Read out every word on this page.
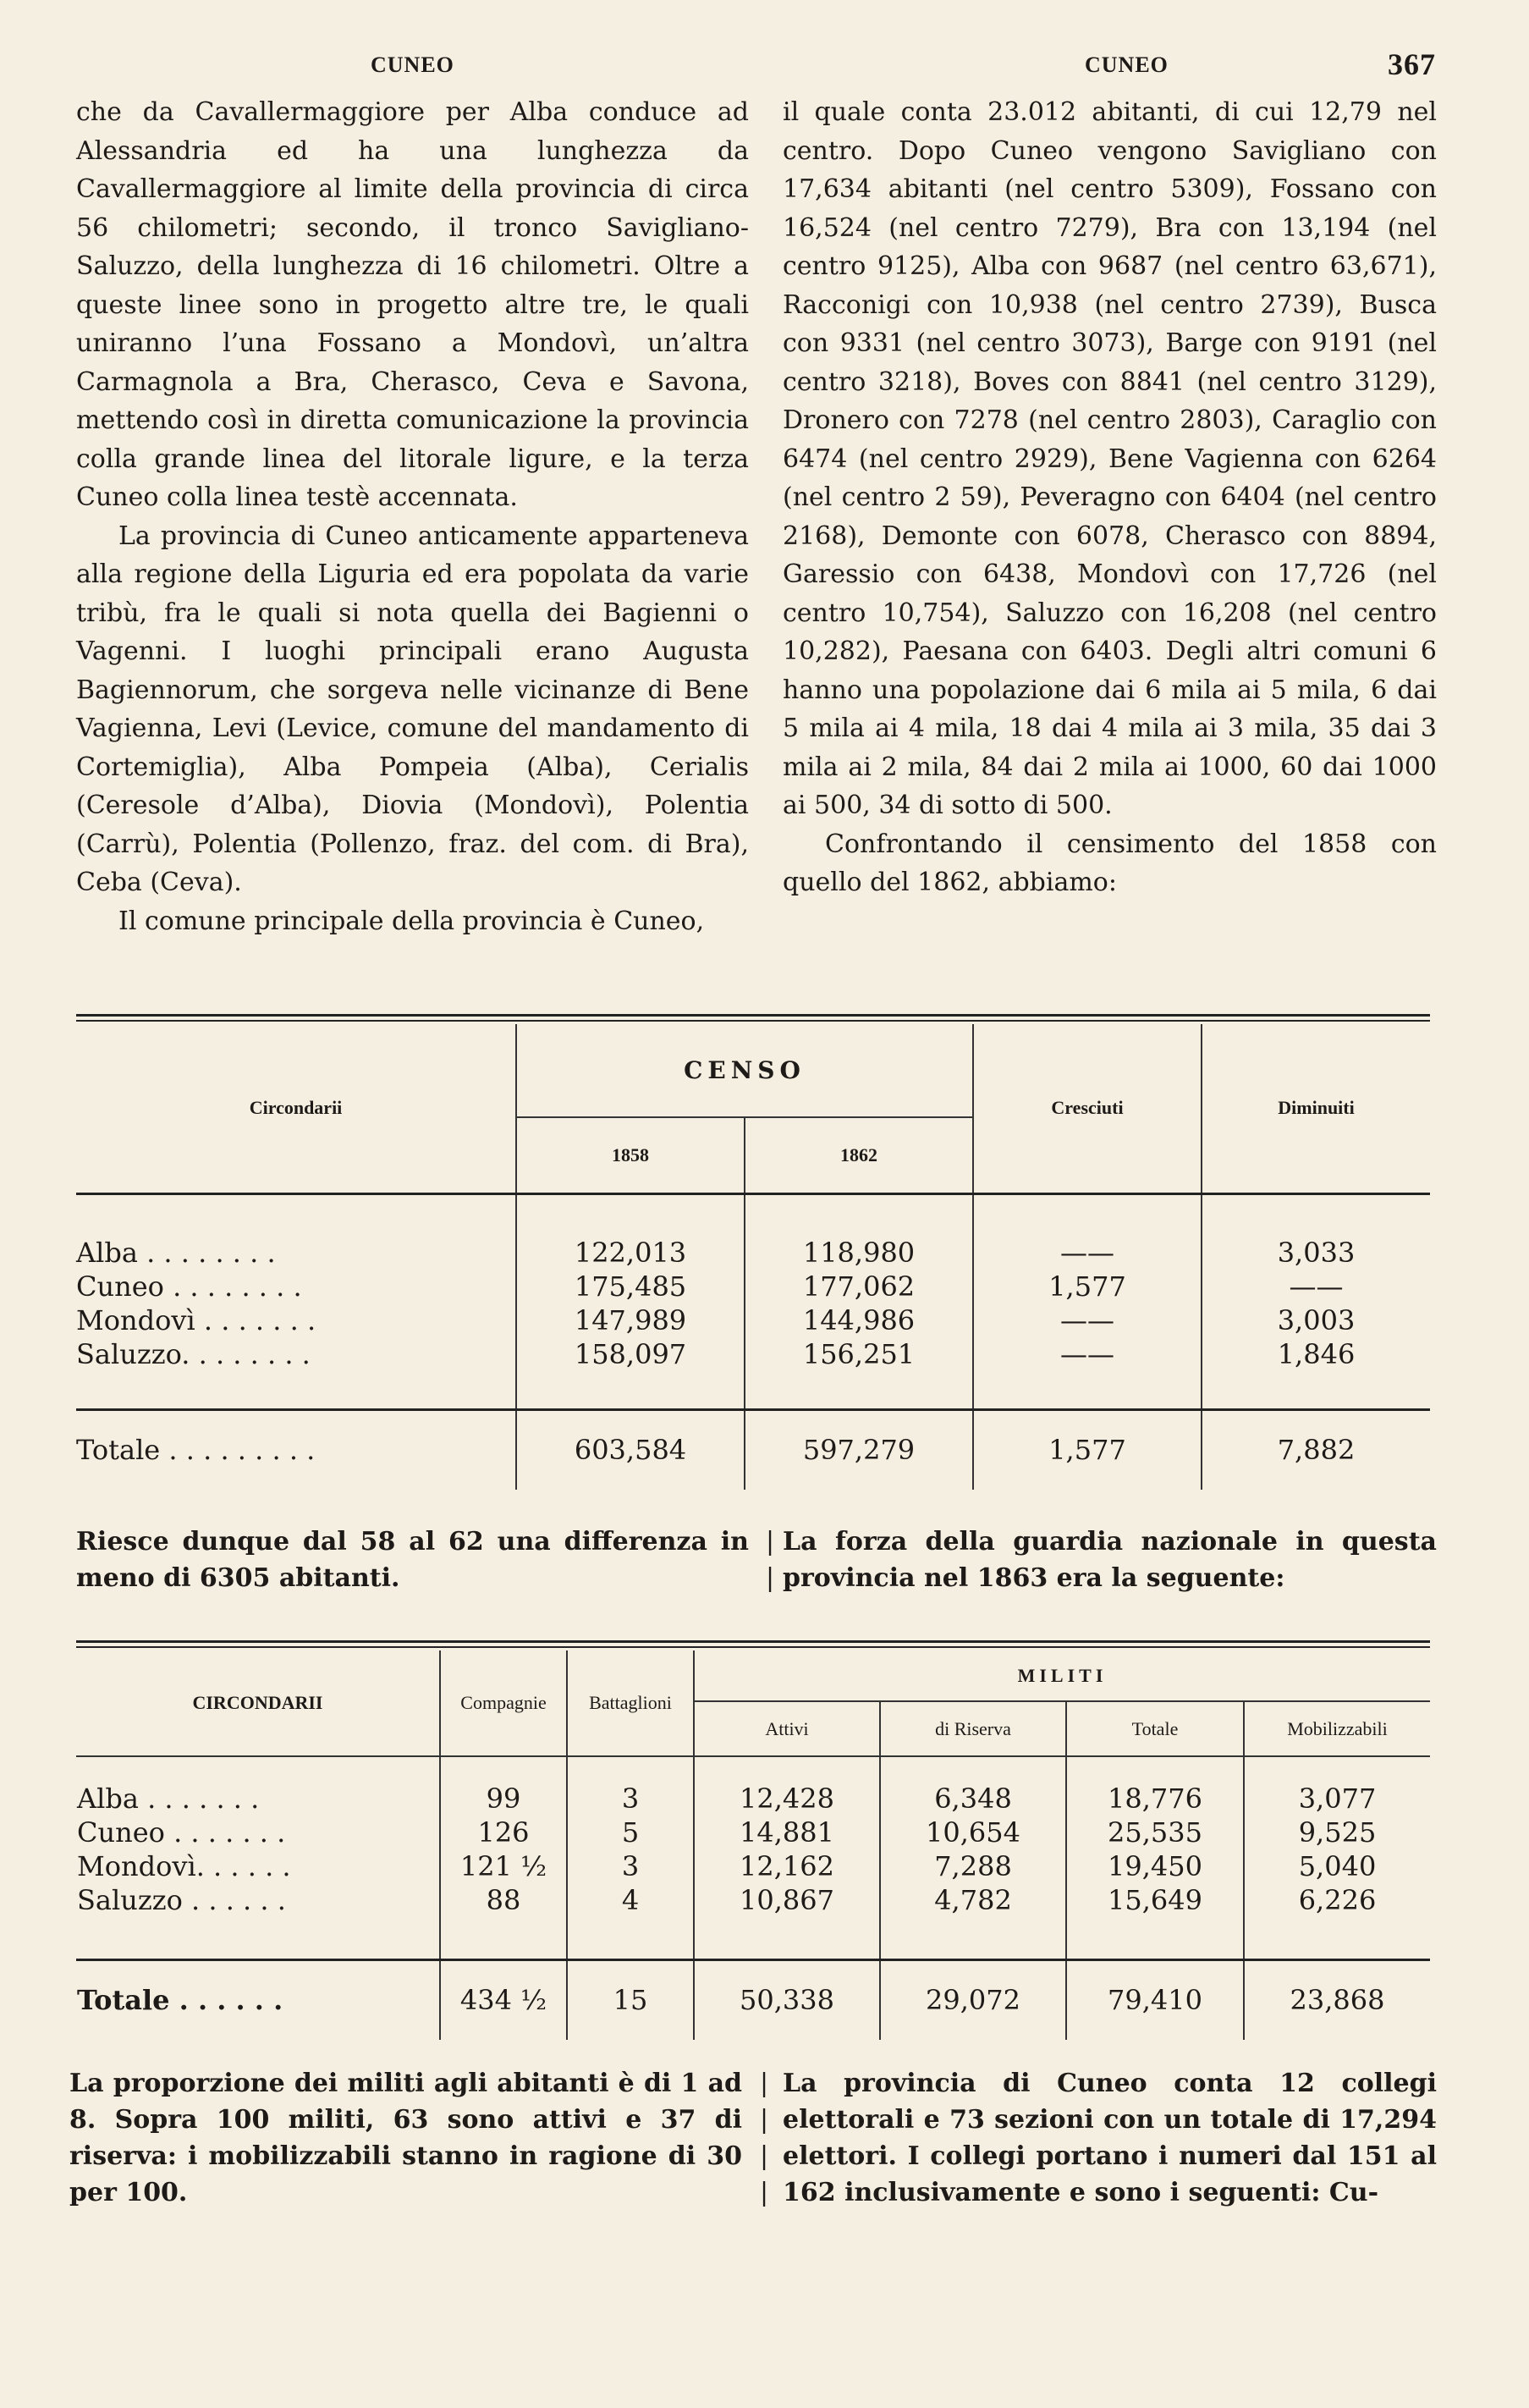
CUNEO	CUNEO	367

che da Cavallermaggiore per Alba conduce ad Alessandria ed ha una lunghezza da Cavallermaggiore al limite della provincia di circa 56 chilometri; secondo, il tronco Savigliano-Saluzzo, della lunghezza di 16 chilometri. Oltre a queste linee sono in progetto altre tre, le quali uniranno l’una Fossano a Mondovì, un’altra Carmagnola a Bra, Cherasco, Ceva e Savona, mettendo così in diretta comunicazione la provincia colla grande linea del litorale ligure, e la terza Cuneo colla linea testè accennata.

La provincia di Cuneo anticamente apparteneva alla regione della Liguria ed era popolata da varie tribù, fra le quali si nota quella dei Bagienni o Vagenni. I luoghi principali erano Augusta Bagiennorum, che sorgeva nelle vicinanze di Bene Vagienna, Levi (Levice, comune del mandamento di Cortemiglia), Alba Pompeia (Alba), Cerialis (Ceresole d’Alba), Diovia (Mondovì), Polentia (Carrù), Polentia (Pollenzo, fraz. del com. di Bra), Ceba (Ceva).

Il comune principale della provincia è Cuneo,

il quale conta 23.012 abitanti, di cui 12,79 nel centro. Dopo Cuneo vengono Savigliano con 17,634 abitanti (nel centro 5309), Fossano con 16,524 (nel centro 7279), Bra con 13,194 (nel centro 9125), Alba con 9687 (nel centro 63,671), Racconigi con 10,938 (nel centro 2739), Busca con 9331 (nel centro 3073), Barge con 9191 (nel centro 3218), Boves con 8841 (nel centro 3129), Dronero con 7278 (nel centro 2803), Caraglio con 6474 (nel centro 2929), Bene Vagienna con 6264 (nel centro 2 59), Peveragno con 6404 (nel centro 2168), Demonte con 6078, Cherasco con 8894, Garessio con 6438, Mondovì con 17,726 (nel centro 10,754), Saluzzo con 16,208 (nel centro 10,282), Paesana con 6403. Degli altri comuni 6 hanno una popolazione dai 6 mila ai 5 mila, 6 dai 5 mila ai 4 mila, 18 dai 4 mila ai 3 mila, 35 dai 3 mila ai 2 mila, 84 dai 2 mila ai 1000, 60 dai 1000 ai 500, 34 di sotto di 500.

Confrontando il censimento del 1858 con quello del 1862, abbiamo:

Circondarii	CENSO		Cresciuti	Diminuiti
	1858	1862		

Alba . . . . . . . .	122,013	118,980	——	3,033
Cuneo . . . . . . . .	175,485	177,062	1,577	——
Mondovì . . . . . . .	147,989	144,986	——	3,003
Saluzzo. . . . . . . .	158,097	156,251	——	1,846

Totale . . . . . . . . .	603,584	597,279	1,577	7,882
Riesce dunque dal 58 al 62 una differenza in meno di 6305 abitanti.
|
|
La forza della guardia nazionale in questa provincia nel 1863 era la seguente:
CIRCONDARII	Compagnie	Battaglioni	MILITI			
			Attivi	di Riserva	Totale	Mobilizzabili

Alba . . . . . . .	99	3	12,428	6,348	18,776	3,077
Cuneo . . . . . . .	126	5	14,881	10,654	25,535	9,525
Mondovì. . . . . .	121 ½	3	12,162	7,288	19,450	5,040
Saluzzo . . . . . .	88	4	10,867	4,782	15,649	6,226

Totale . . . . . .	434 ½	15	50,338	29,072	79,410	23,868
La proporzione dei militi agli abitanti è di 1 ad 8. Sopra 100 militi, 63 sono attivi e 37 di riserva: i mobilizzabili stanno in ragione di 30 per 100.
|
|
|
|
La provincia di Cuneo conta 12 collegi elettorali e 73 sezioni con un totale di 17,294 elettori. I collegi portano i numeri dal 151 al 162 inclusivamente e sono i seguenti: Cu-
